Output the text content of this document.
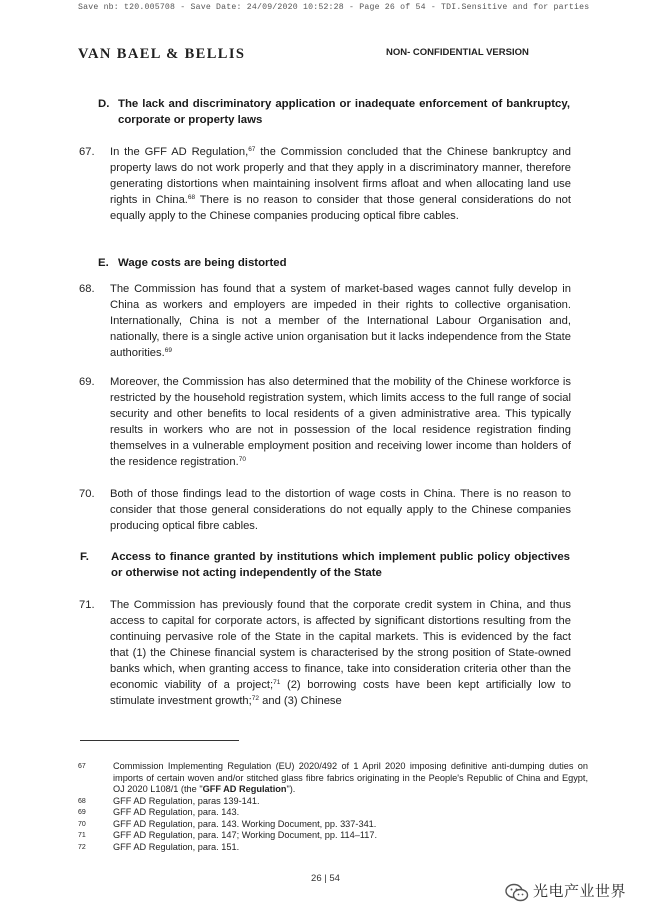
Save nb: t20.005708 - Save Date: 24/09/2020 10:52:28 - Page 26 of 54 - TDI.Sensitive and for parties
VAN BAEL & BELLIS	NON- CONFIDENTIAL VERSION
D. The lack and discriminatory application or inadequate enforcement of bankruptcy, corporate or property laws
67. In the GFF AD Regulation,$^{67}$ the Commission concluded that the Chinese bankruptcy and property laws do not work properly and that they apply in a discriminatory manner, therefore generating distortions when maintaining insolvent firms afloat and when allocating land use rights in China.$^{68}$ There is no reason to consider that those general considerations do not equally apply to the Chinese companies producing optical fibre cables.
E. Wage costs are being distorted
68. The Commission has found that a system of market-based wages cannot fully develop in China as workers and employers are impeded in their rights to collective organisation. Internationally, China is not a member of the International Labour Organisation and, nationally, there is a single active union organisation but it lacks independence from the State authorities.$^{69}$
69. Moreover, the Commission has also determined that the mobility of the Chinese workforce is restricted by the household registration system, which limits access to the full range of social security and other benefits to local residents of a given administrative area. This typically results in workers who are not in possession of the local residence registration finding themselves in a vulnerable employment position and receiving lower income than holders of the residence registration.$^{70}$
70. Both of those findings lead to the distortion of wage costs in China. There is no reason to consider that those general considerations do not equally apply to the Chinese companies producing optical fibre cables.
F. Access to finance granted by institutions which implement public policy objectives or otherwise not acting independently of the State
71. The Commission has previously found that the corporate credit system in China, and thus access to capital for corporate actors, is affected by significant distortions resulting from the continuing pervasive role of the State in the capital markets. This is evidenced by the fact that (1) the Chinese financial system is characterised by the strong position of State-owned banks which, when granting access to finance, take into consideration criteria other than the economic viability of a project;$^{71}$ (2) borrowing costs have been kept artificially low to stimulate investment growth;$^{72}$ and (3) Chinese
67	Commission Implementing Regulation (EU) 2020/492 of 1 April 2020 imposing definitive anti-dumping duties on imports of certain woven and/or stitched glass fibre fabrics originating in the People's Republic of China and Egypt, OJ 2020 L108/1 (the "GFF AD Regulation").
68	GFF AD Regulation, paras 139-141.
69	GFF AD Regulation, para. 143.
70	GFF AD Regulation, para. 143. Working Document, pp. 337-341.
71	GFF AD Regulation, para. 147; Working Document, pp. 114–117.
72	GFF AD Regulation, para. 151.
26 | 54
光电产业世界
